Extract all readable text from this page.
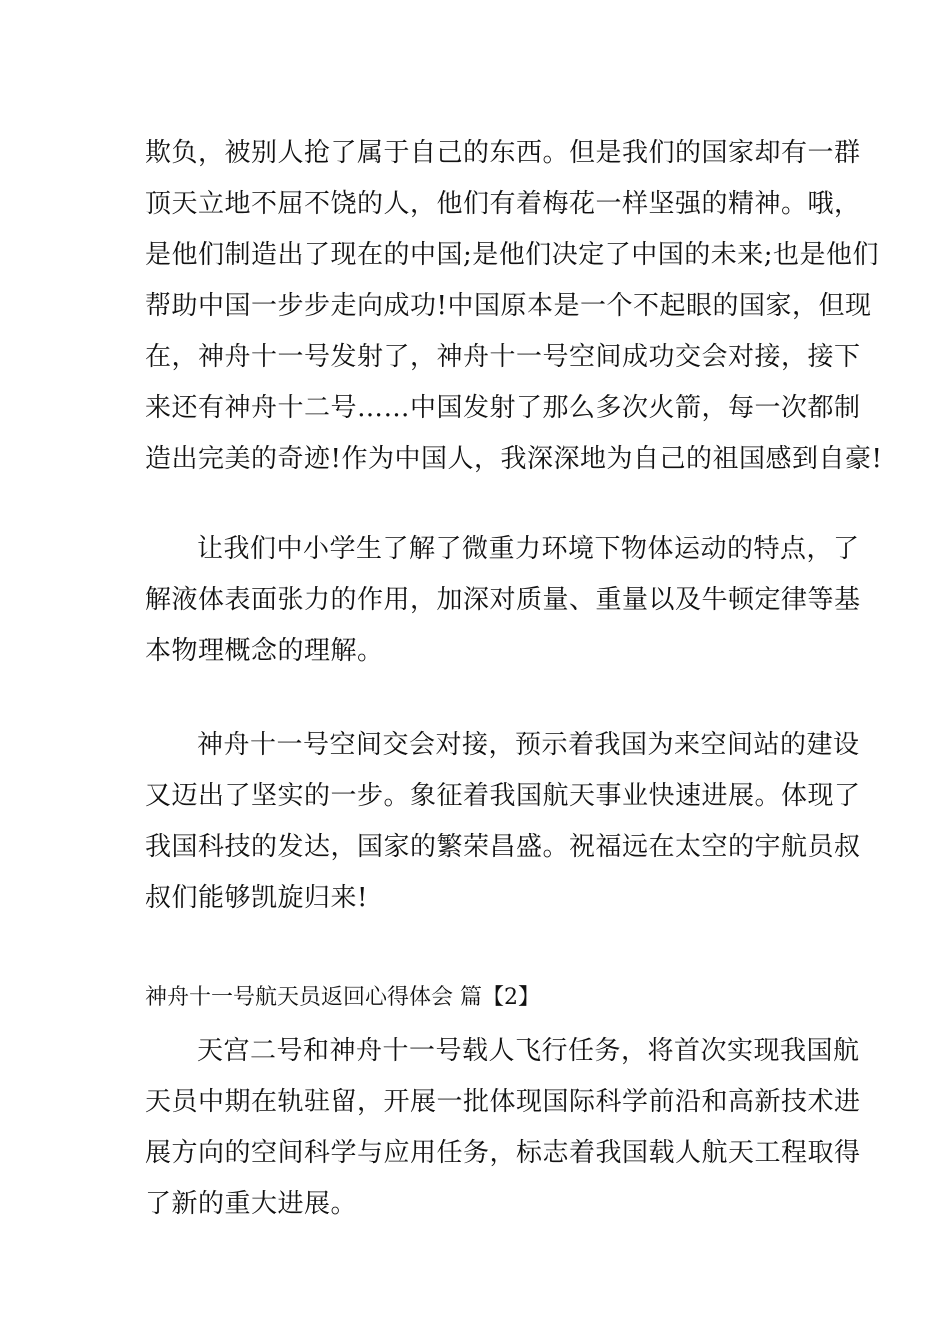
欺负，被别人抢了属于自己的东西。但是我们的国家却有一群
顶天立地不屈不饶的人，他们有着梅花一样坚强的精神。哦，
是他们制造出了现在的中国;是他们决定了中国的未来;也是他们
帮助中国一步步走向成功!中国原本是一个不起眼的国家，但现
在，神舟十一号发射了，神舟十一号空间成功交会对接，接下
来还有神舟十二号……中国发射了那么多次火箭，每一次都制
造出完美的奇迹!作为中国人，我深深地为自己的祖国感到自豪!

让我们中小学生了解了微重力环境下物体运动的特点，了
解液体表面张力的作用，加深对质量、重量以及牛顿定律等基
本物理概念的理解。

神舟十一号空间交会对接，预示着我国为来空间站的建设
又迈出了坚实的一步。象征着我国航天事业快速进展。体现了
我国科技的发达，国家的繁荣昌盛。祝福远在太空的宇航员叔
叔们能够凯旋归来!

神舟十一号航天员返回心得体会 篇【2】

天宫二号和神舟十一号载人飞行任务，将首次实现我国航
天员中期在轨驻留，开展一批体现国际科学前沿和高新技术进
展方向的空间科学与应用任务，标志着我国载人航天工程取得
了新的重大进展。
